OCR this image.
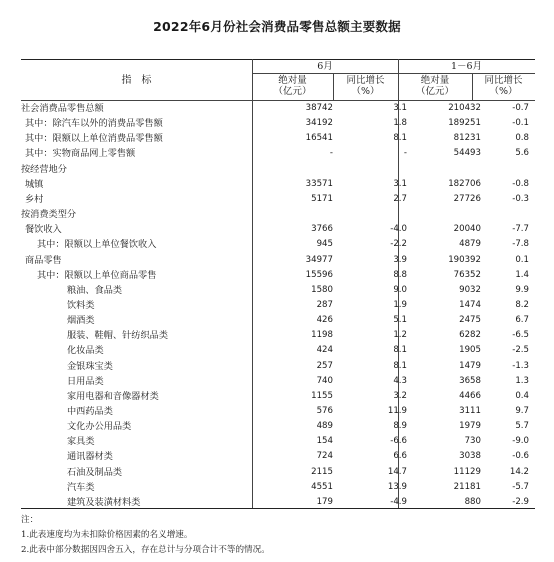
2022年6月份社会消费品零售总额主要数据
指　标
6月	1－6月
绝对量
（亿元）
同比增长
（%）
绝对量
（亿元）
同比增长
（%）
社会消费品零售总额	38742	3.1	210432	-0.7
其中：除汽车以外的消费品零售额	34192	1.8	189251	-0.1
其中：限额以上单位消费品零售额	16541	8.1	81231	0.8
其中：实物商品网上零售额	-	-	54493	5.6
按经营地分
城镇	33571	3.1	182706	-0.8
乡村	5171	2.7	27726	-0.3
按消费类型分
餐饮收入	3766	-4.0	20040	-7.7
其中：限额以上单位餐饮收入	945	-2.2	4879	-7.8
商品零售	34977	3.9	190392	0.1
其中：限额以上单位商品零售	15596	8.8	76352	1.4
粮油、食品类	1580	9.0	9032	9.9
饮料类	287	1.9	1474	8.2
烟酒类	426	5.1	2475	6.7
服装、鞋帽、针纺织品类	1198	1.2	6282	-6.5
化妆品类	424	8.1	1905	-2.5
金银珠宝类	257	8.1	1479	-1.3
日用品类	740	4.3	3658	1.3
家用电器和音像器材类	1155	3.2	4466	0.4
中西药品类	576	11.9	3111	9.7
文化办公用品类	489	8.9	1979	5.7
家具类	154	-6.6	730	-9.0
通讯器材类	724	6.6	3038	-0.6
石油及制品类	2115	14.7	11129	14.2
汽车类	4551	13.9	21181	-5.7
建筑及装潢材料类	179	-4.9	880	-2.9
注：
1.此表速度均为未扣除价格因素的名义增速。
2.此表中部分数据因四舍五入，存在总计与分项合计不等的情况。
